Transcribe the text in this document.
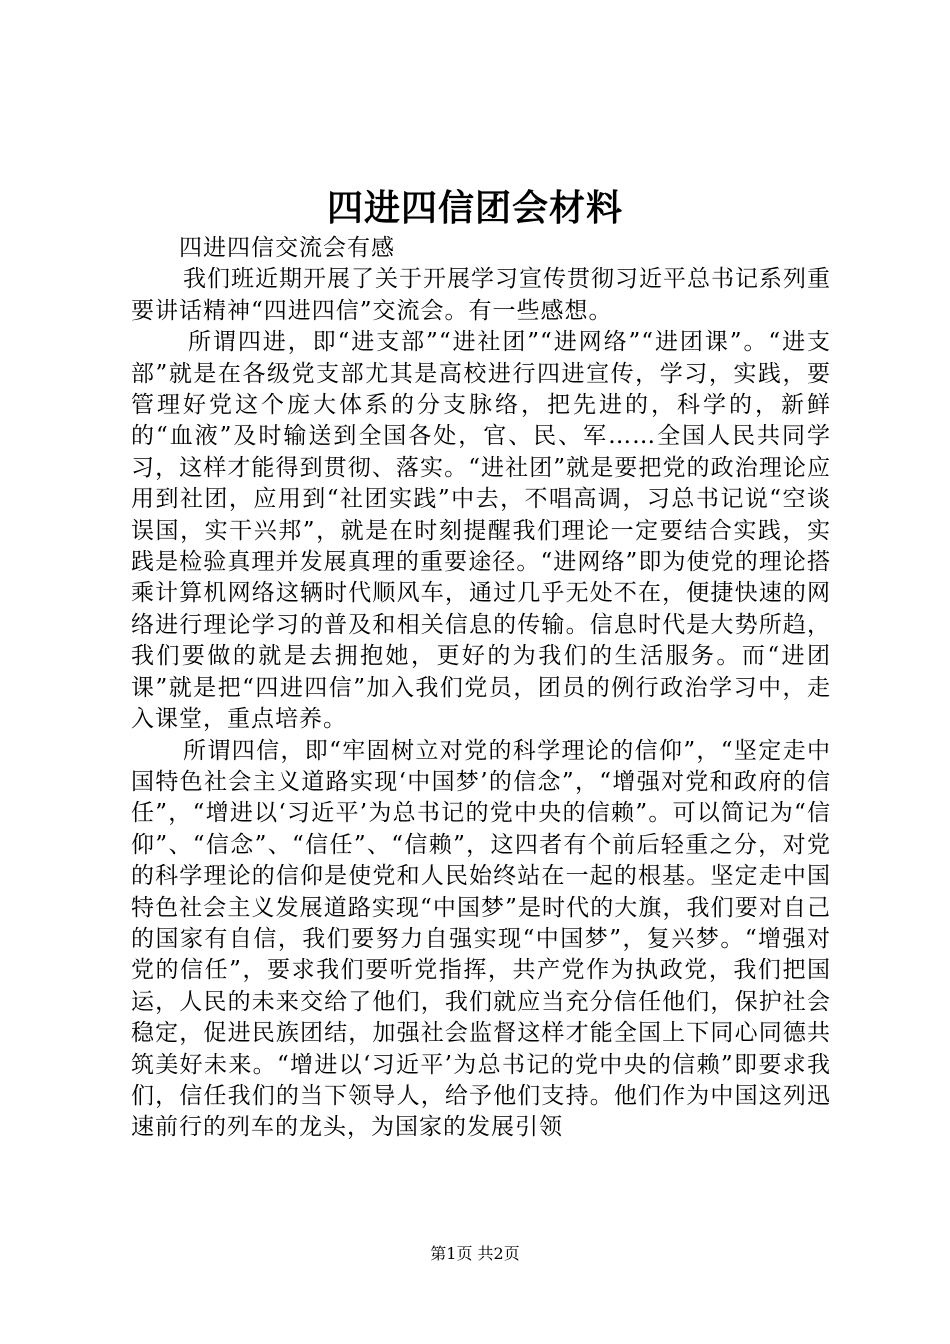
四进四信团会材料

四进四信交流会有感

我们班近期开展了关于开展学习宣传贯彻习近平总书记系列重要讲话精神“四进四信”交流会。有一些感想。

所谓四进，即“进支部”“进社团”“进网络”“进团课”。“进支部”就是在各级党支部尤其是高校进行四进宣传，学习，实践，要管理好党这个庞大体系的分支脉络，把先进的，科学的，新鲜的“血液”及时输送到全国各处，官、民、军……全国人民共同学习，这样才能得到贯彻、落实。“进社团”就是要把党的政治理论应用到社团，应用到“社团实践”中去，不唱高调，习总书记说“空谈误国，实干兴邦”，就是在时刻提醒我们理论一定要结合实践，实践是检验真理并发展真理的重要途径。“进网络”即为使党的理论搭乘计算机网络这辆时代顺风车，通过几乎无处不在，便捷快速的网络进行理论学习的普及和相关信息的传输。信息时代是大势所趋，我们要做的就是去拥抱她，更好的为我们的生活服务。而“进团课”就是把“四进四信”加入我们党员，团员的例行政治学习中，走入课堂，重点培养。

所谓四信，即“牢固树立对党的科学理论的信仰”，“坚定走中国特色社会主义道路实现‘中国梦’的信念”，“增强对党和政府的信任”，“增进以‘习近平’为总书记的党中央的信赖”。可以简记为“信仰”、“信念”、“信任”、“信赖”，这四者有个前后轻重之分，对党的科学理论的信仰是使党和人民始终站在一起的根基。坚定走中国特色社会主义发展道路实现“中国梦”是时代的大旗，我们要对自己的国家有自信，我们要努力自强实现“中国梦”，复兴梦。“增强对党的信任”，要求我们要听党指挥，共产党作为执政党，我们把国运，人民的未来交给了他们，我们就应当充分信任他们，保护社会稳定，促进民族团结，加强社会监督这样才能全国上下同心同德共筑美好未来。“增进以‘习近平’为总书记的党中央的信赖”即要求我们，信任我们的当下领导人，给予他们支持。他们作为中国这列迅速前行的列车的龙头，为国家的发展引领

第1页 共2页
